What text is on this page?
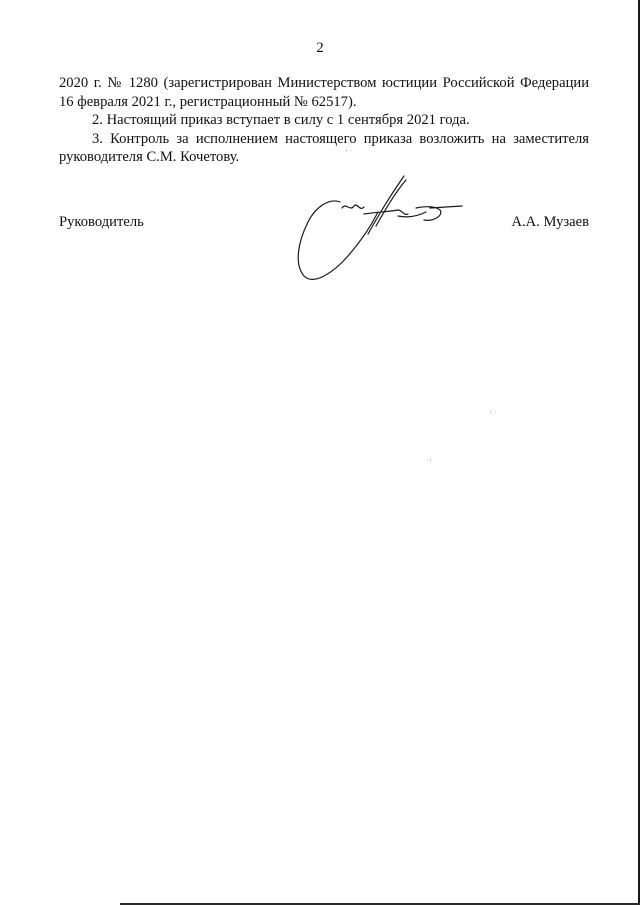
2

2020 г. № 1280 (зарегистрирован Министерством юстиции Российской Федерации 16 февраля 2021 г., регистрационный № 62517).

2. Настоящий приказ вступает в силу с 1 сентября 2021 года.

3. Контроль за исполнением настоящего приказа возложить на заместителя руководителя С.М. Кочетову.

Руководитель	А.А. Музаев
